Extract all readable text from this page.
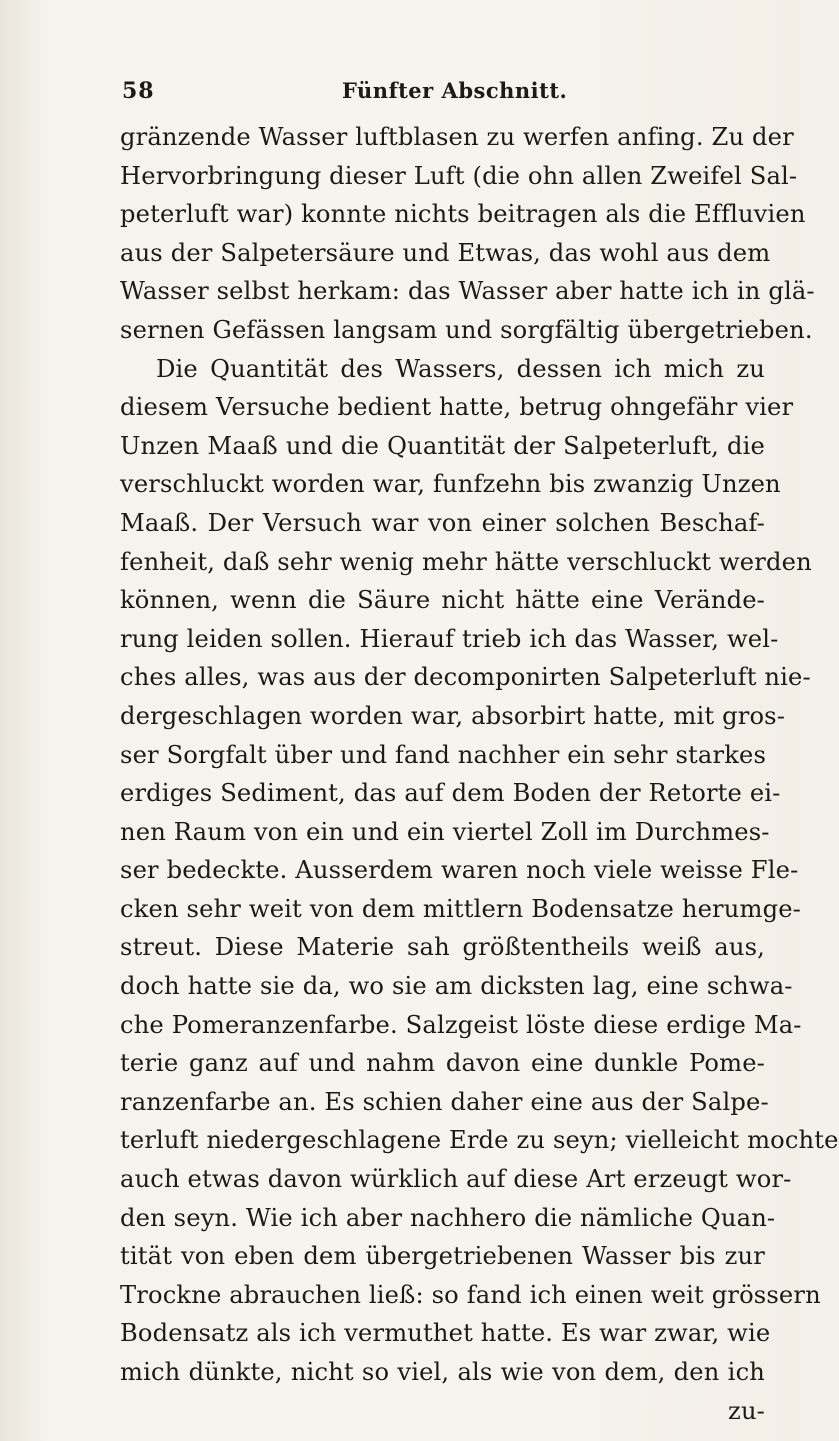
58	Fünfter Abschnitt.
gränzende Wasser luftblasen zu werfen anfing. Zu der
Hervorbringung dieser Luft (die ohn allen Zweifel Sal-
peterluft war) konnte nichts beitragen als die Effluvien
aus der Salpetersäure und Etwas, das wohl aus dem
Wasser selbst herkam: das Wasser aber hatte ich in glä-
sernen Gefässen langsam und sorgfältig übergetrieben.
Die Quantität des Wassers, dessen ich mich zu
diesem Versuche bedient hatte, betrug ohngefähr vier
Unzen Maaß und die Quantität der Salpeterluft, die
verschluckt worden war, funfzehn bis zwanzig Unzen
Maaß. Der Versuch war von einer solchen Beschaf-
fenheit, daß sehr wenig mehr hätte verschluckt werden
können, wenn die Säure nicht hätte eine Verände-
rung leiden sollen. Hierauf trieb ich das Wasser, wel-
ches alles, was aus der decomponirten Salpeterluft nie-
dergeschlagen worden war, absorbirt hatte, mit gros-
ser Sorgfalt über und fand nachher ein sehr starkes
erdiges Sediment, das auf dem Boden der Retorte ei-
nen Raum von ein und ein viertel Zoll im Durchmes-
ser bedeckte. Ausserdem waren noch viele weisse Fle-
cken sehr weit von dem mittlern Bodensatze herumge-
streut. Diese Materie sah größtentheils weiß aus,
doch hatte sie da, wo sie am dicksten lag, eine schwa-
che Pomeranzenfarbe. Salzgeist löste diese erdige Ma-
terie ganz auf und nahm davon eine dunkle Pome-
ranzenfarbe an. Es schien daher eine aus der Salpe-
terluft niedergeschlagene Erde zu seyn; vielleicht mochte
auch etwas davon würklich auf diese Art erzeugt wor-
den seyn. Wie ich aber nachhero die nämliche Quan-
tität von eben dem übergetriebenen Wasser bis zur
Trockne abrauchen ließ: so fand ich einen weit grössern
Bodensatz als ich vermuthet hatte. Es war zwar, wie
mich dünkte, nicht so viel, als wie von dem, den ich
zu-
